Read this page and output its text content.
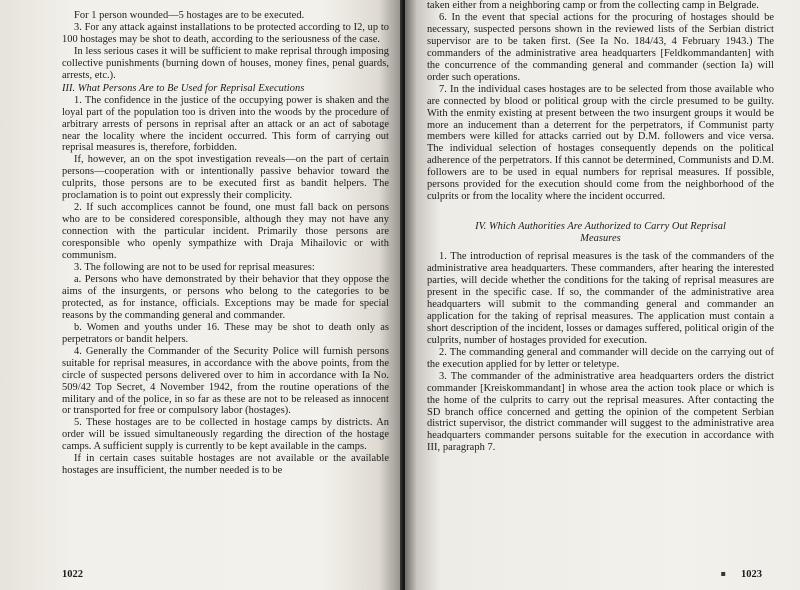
For 1 person wounded—5 hostages are to be executed.

3. For any attack against installations to be protected according to I2, up to 100 hostages may be shot to death, according to the seriousness of the case.

In less serious cases it will be sufficient to make reprisal through imposing collective punishments (burning down of houses, money fines, penal guards, arrests, etc.).

III. What Persons Are to Be Used for Reprisal Executions

1. The confidence in the justice of the occupying power is shaken and the loyal part of the population too is driven into the woods by the procedure of arbitrary arrests of persons in reprisal after an attack or an act of sabotage near the locality where the incident occurred. This form of carrying out reprisal measures is, therefore, forbidden.

If, however, an on the spot investigation reveals—on the part of certain persons—cooperation with or intentionally passive behavior toward the culprits, those persons are to be executed first as bandit helpers. The proclamation is to point out expressly their complicity.

2. If such accomplices cannot be found, one must fall back on persons who are to be considered coresponsible, although they may not have any connection with the particular incident. Primarily those persons are coresponsible who openly sympathize with Draja Mihailovic or with communism.

3. The following are not to be used for reprisal measures:

a. Persons who have demonstrated by their behavior that they oppose the aims of the insurgents, or persons who belong to the categories to be protected, as for instance, officials. Exceptions may be made for special reasons by the commanding general and commander.

b. Women and youths under 16. These may be shot to death only as perpetrators or bandit helpers.

4. Generally the Commander of the Security Police will furnish persons suitable for reprisal measures, in accordance with the above points, from the circle of suspected persons delivered over to him in accordance with Ia No. 509/42 Top Secret, 4 November 1942, from the routine operations of the military and of the police, in so far as these are not to be released as innocent or transported for free or compulsory labor (hostages).

5. These hostages are to be collected in hostage camps by districts. An order will be issued simultaneously regarding the direction of the hostage camps. A sufficient supply is currently to be kept available in the camps.

If in certain cases suitable hostages are not available or the available hostages are insufficient, the number needed is to be

1022

taken either from a neighboring camp or from the collecting camp in Belgrade.

6. In the event that special actions for the procuring of hostages should be necessary, suspected persons shown in the reviewed lists of the Serbian district supervisor are to be taken first. (See Ia No. 184/43, 4 February 1943.) The commanders of the administrative area headquarters [Feldkommandanten] with the concurrence of the commanding general and commander (section Ia) will order such operations.

7. In the individual cases hostages are to be selected from those available who are connected by blood or political group with the circle presumed to be guilty. With the enmity existing at present between the two insurgent groups it would be more an inducement than a deterrent for the perpetrators, if Communist party members were killed for attacks carried out by D.M. followers and vice versa. The individual selection of hostages consequently depends on the political adherence of the perpetrators. If this cannot be determined, Communists and D.M. followers are to be used in equal numbers for reprisal measures. If possible, persons provided for the execution should come from the neighborhood of the culprits or from the locality where the incident occurred.

IV. Which Authorities Are Authorized to Carry Out Reprisal Measures

1. The introduction of reprisal measures is the task of the commanders of the administrative area headquarters. These commanders, after hearing the interested parties, will decide whether the conditions for the taking of reprisal measures are present in the specific case. If so, the commander of the administrative area headquarters will submit to the commanding general and commander an application for the taking of reprisal measures. The application must contain a short description of the incident, losses or damages suffered, political origin of the culprits, number of hostages provided for execution.

2. The commanding general and commander will decide on the carrying out of the execution applied for by letter or teletype.

3. The commander of the administrative area headquarters orders the district commander [Kreiskommandant] in whose area the action took place or which is the home of the culprits to carry out the reprisal measures. After contacting the SD branch office concerned and getting the opinion of the competent Serbian district supervisor, the district commander will suggest to the administrative area headquarters commander persons suitable for the execution in accordance with III, paragraph 7.

▪ 1023
